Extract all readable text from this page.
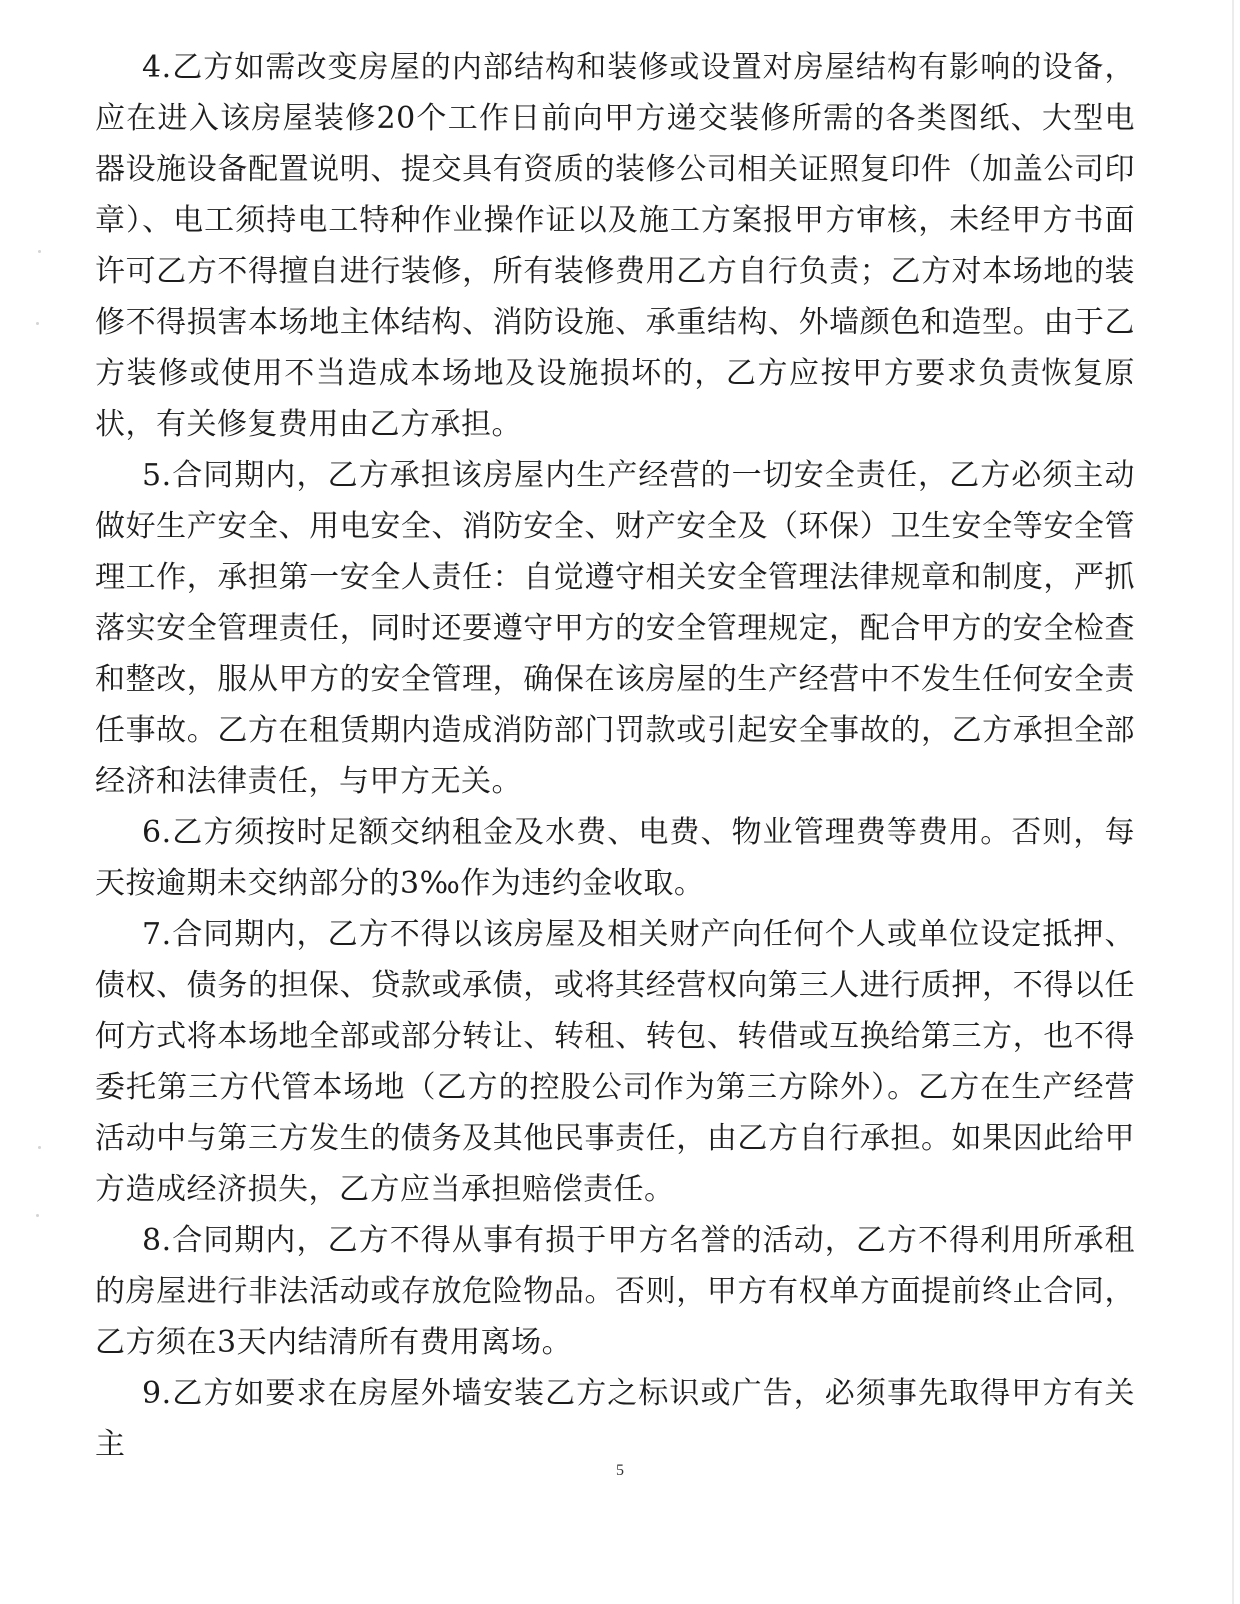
4.乙方如需改变房屋的内部结构和装修或设置对房屋结构有影响的设备，应在进入该房屋装修20个工作日前向甲方递交装修所需的各类图纸、大型电器设施设备配置说明、提交具有资质的装修公司相关证照复印件（加盖公司印章）、电工须持电工特种作业操作证以及施工方案报甲方审核，未经甲方书面许可乙方不得擅自进行装修，所有装修费用乙方自行负责；乙方对本场地的装修不得损害本场地主体结构、消防设施、承重结构、外墙颜色和造型。由于乙方装修或使用不当造成本场地及设施损坏的，乙方应按甲方要求负责恢复原状，有关修复费用由乙方承担。

5.合同期内，乙方承担该房屋内生产经营的一切安全责任，乙方必须主动做好生产安全、用电安全、消防安全、财产安全及（环保）卫生安全等安全管理工作，承担第一安全人责任：自觉遵守相关安全管理法律规章和制度，严抓落实安全管理责任，同时还要遵守甲方的安全管理规定，配合甲方的安全检查和整改，服从甲方的安全管理，确保在该房屋的生产经营中不发生任何安全责任事故。乙方在租赁期内造成消防部门罚款或引起安全事故的，乙方承担全部经济和法律责任，与甲方无关。

6.乙方须按时足额交纳租金及水费、电费、物业管理费等费用。否则，每天按逾期未交纳部分的3‰作为违约金收取。

7.合同期内，乙方不得以该房屋及相关财产向任何个人或单位设定抵押、债权、债务的担保、贷款或承债，或将其经营权向第三人进行质押，不得以任何方式将本场地全部或部分转让、转租、转包、转借或互换给第三方，也不得委托第三方代管本场地（乙方的控股公司作为第三方除外）。乙方在生产经营活动中与第三方发生的债务及其他民事责任，由乙方自行承担。如果因此给甲方造成经济损失，乙方应当承担赔偿责任。

8.合同期内，乙方不得从事有损于甲方名誉的活动，乙方不得利用所承租的房屋进行非法活动或存放危险物品。否则，甲方有权单方面提前终止合同，乙方须在3天内结清所有费用离场。

9.乙方如要求在房屋外墙安装乙方之标识或广告，必须事先取得甲方有关主

5
